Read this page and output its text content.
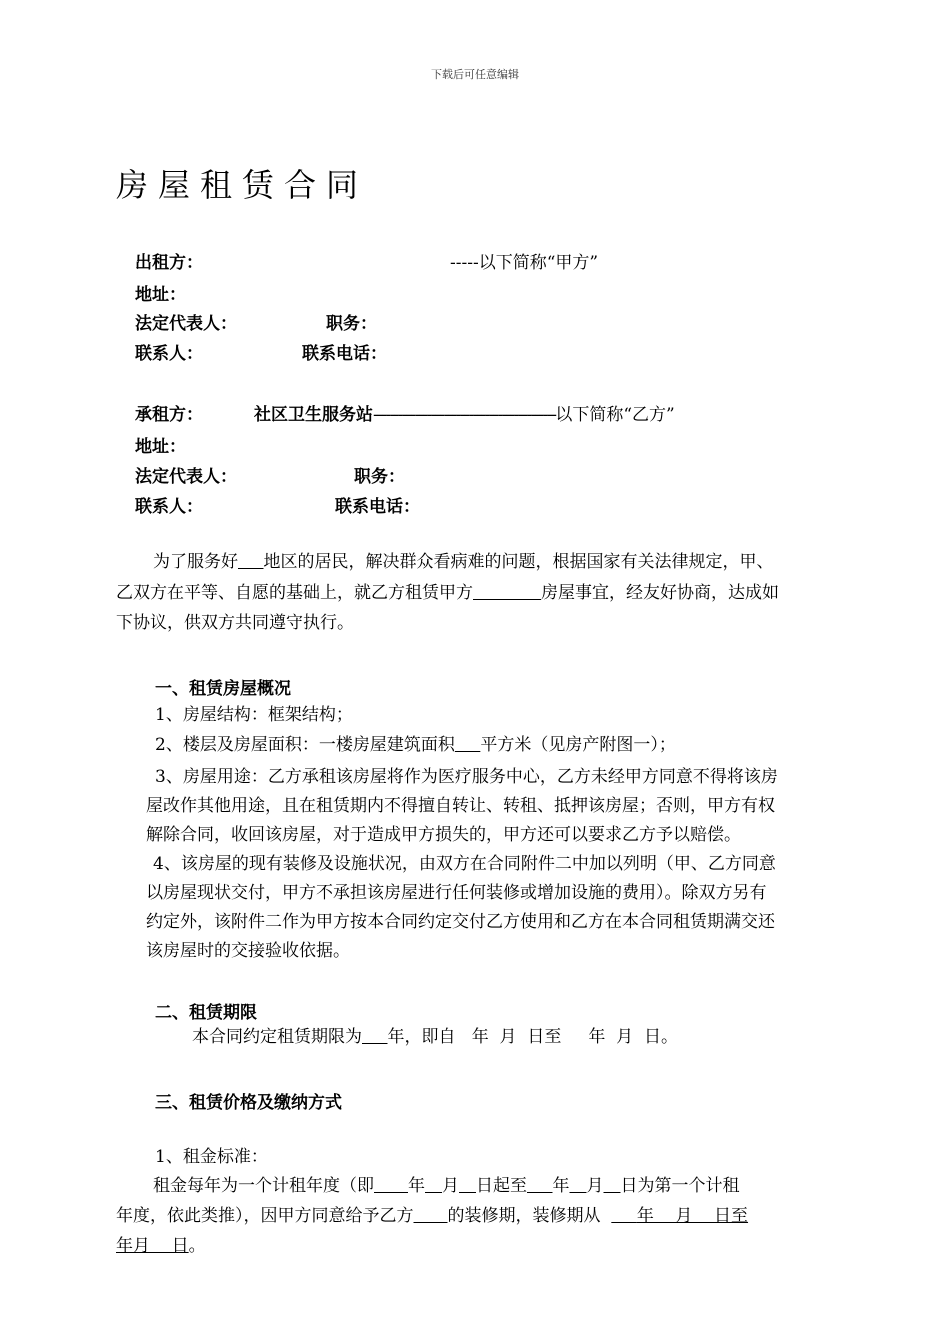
下载后可任意编辑
房屋租赁合同
出租方：	-----以下简称“甲方”
地址：
法定代表人：	职务：
联系人：	联系电话：
承租方：	社区卫生服务站--------------------------------------------以下简称“乙方”
地址：
法定代表人：	职务：
联系人：	联系电话：
为了服务好   地区的居民，解决群众看病难的问题，根据国家有关法律规定，甲、
乙双方在平等、自愿的基础上，就乙方租赁甲方    	房屋事宜，经友好协商，达成如
下协议，供双方共同遵守执行。
一、租赁房屋概况
1、房屋结构：框架结构；
2、楼层及房屋面积：一楼房屋建筑面积   平方米（见房产附图一）；
3、房屋用途：乙方承租该房屋将作为医疗服务中心，乙方未经甲方同意不得将该房
屋改作其他用途，且在租赁期内不得擅自转让、转租、抵押该房屋；否则，甲方有权
解除合同，收回该房屋，对于造成甲方损失的，甲方还可以要求乙方予以赔偿。
4、该房屋的现有装修及设施状况，由双方在合同附件二中加以列明（甲、乙方同意
以房屋现状交付，甲方不承担该房屋进行任何装修或增加设施的费用）。除双方另有
约定外，该附件二作为甲方按本合同约定交付乙方使用和乙方在本合同租赁期满交还
该房屋时的交接验收依据。
二、租赁期限
本合同约定租赁期限为   年，即自   年  月  日至     年  月  日。
三、租赁价格及缴纳方式
1、租金标准：
租金每年为一个计租年度（即    年   月   日起至   年   月   日为第一个计租
年度，依此类推），因甲方同意给予乙方    的装修期，装修期从     年    月    日至
年月    日。
